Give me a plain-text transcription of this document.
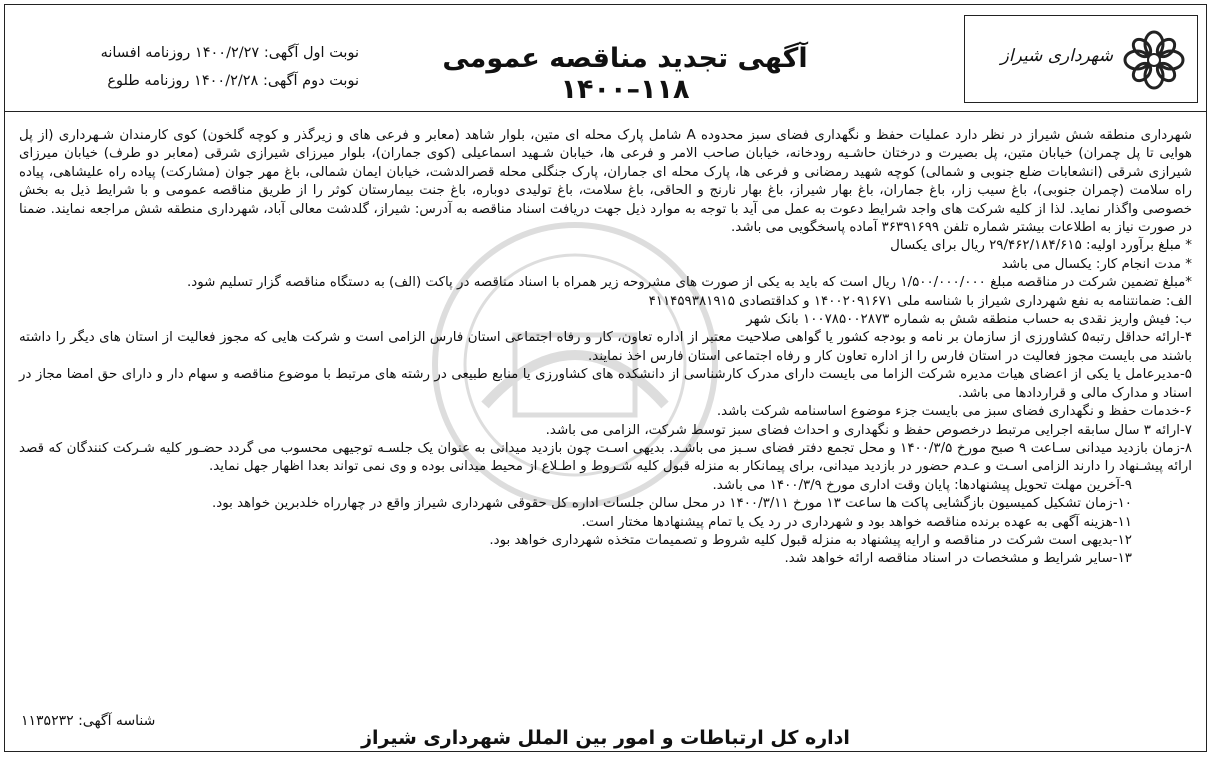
شهرداری شیراز
آگهی تجدید مناقصه عمومی ۱۱۸–۱۴۰۰
نوبت اول آگهی: ۱۴۰۰/۲/۲۷ روزنامه افسانه
نوبت دوم آگهی: ۱۴۰۰/۲/۲۸ روزنامه طلوع

شهرداری منطقه شش شیراز در نظر دارد عملیات حفظ و نگهداری فضای سبز محدوده A شامل پارک محله ای متین، بلوار شاهد (معابر و فرعی های و زیرگذر و کوچه گلخون) کوی کارمندان شـهرداری (از پل هوایی تا پل چمران) خیابان متین، پل بصیرت و درختان حاشـیه رودخانه، خیابان صاحب الامر و فرعی ها، خیابان شـهید اسماعیلی (کوی جماران)، بلوار میرزای شیرازی شرقی (معابر دو طرف) خیابان میرزای شیرازی شرقی (انشعابات ضلع جنوبی و شمالی) کوچه شهید رمضانی و فرعی ها، پارک محله ای جماران، پارک جنگلی محله قصرالدشت، خیابان ایمان شمالی، باغ مهر جوان (مشارکت) پیاده راه علیشاهی، پیاده راه سلامت (چمران جنوبی)، باغ سیب زار، باغ جماران، باغ بهار شیراز، باغ بهار نارنج و الحاقی، باغ سلامت، باغ تولیدی دوباره، باغ جنت بیمارستان کوثر را از طریق مناقصه عمومی و با شرایط ذیل به بخش خصوصی واگذار نماید. لذا از کلیه شرکت های واجد شرایط دعوت به عمل می آید با توجه به موارد ذیل جهت دریافت اسناد مناقصه به آدرس: شیراز، گلدشت معالی آباد، شهرداری منطقه شش مراجعه نمایند. ضمنا در صورت نیاز به اطلاعات بیشتر شماره تلفن ۳۶۳۹۱۶۹۹ آماده پاسخگویی می باشد.

* مبلغ برآورد اولیه: ۲۹/۴۶۲/۱۸۴/۶۱۵ ریال برای یکسال
* مدت انجام کار: یکسال می باشد
*مبلغ تضمین شرکت در مناقصه مبلغ ۱/۵۰۰/۰۰۰/۰۰۰ ریال است که باید به یکی از صورت های مشروحه زیر همراه با اسناد مناقصه در پاکت (الف) به دستگاه مناقصه گزار تسلیم شود.
الف: ضمانتنامه به نفع شهرداری شیراز با شناسه ملی ۱۴۰۰۲۰۹۱۶۷۱ و کداقتصادی ۴۱۱۴۵۹۳۸۱۹۱۵
ب: فیش واریز نقدی به حساب منطقه شش به شماره ۱۰۰۷۸۵۰۰۲۸۷۳ بانک شهر
۴-ارائه حداقل رتبه۵ کشاورزی از سازمان بر نامه و بودجه کشور یا گواهی صلاحیت معتبر از اداره تعاون، کار و رفاه اجتماعی استان فارس الزامی است و شرکت هایی که مجوز فعالیت از استان های دیگر را داشته باشند می بایست مجوز فعالیت در استان فارس را از اداره تعاون کار و رفاه اجتماعی استان فارس اخذ نمایند.
۵-مدیرعامل یا یکی از اعضای هیات مدیره شرکت الزاما می بایست دارای مدرک کارشناسی از دانشکده های کشاورزی یا منابع طبیعی در رشته های مرتبط با موضوع مناقصه و سهام دار و دارای حق امضا مجاز در اسناد و مدارک مالی و قراردادها می باشد.
۶-خدمات حفظ و نگهداری فضای سبز می بایست جزء موضوع اساسنامه شرکت باشد.
۷-ارائه ۳ سال سابقه اجرایی مرتبط درخصوص حفظ و نگهداری و احداث فضای سبز توسط شرکت، الزامی می باشد.
۸-زمان بازدید میدانی سـاعت ۹ صبح مورخ ۱۴۰۰/۳/۵ و محل تجمع دفتر فضای سـبز می باشـد. بدیهی اسـت چون بازدید میدانی به عنوان یک جلسـه توجیهی محسوب می گردد حضـور کلیه شـرکت کنندگان که قصد ارائه پیشـنهاد را دارند الزامی اسـت و عـدم حضور در بازدید میدانی، برای پیمانکار به منزله قبول کلیه شـروط و اطـلاع از محیط میدانی بوده و وی نمی تواند بعدا اظهار جهل نماید.
۹-آخرین مهلت تحویل پیشنهادها: پایان وقت اداری مورخ ۱۴۰۰/۳/۹ می باشد.
۱۰-زمان تشکیل کمیسیون بازگشایی پاکت ها ساعت ۱۳ مورخ ۱۴۰۰/۳/۱۱ در محل سالن جلسات اداره کل حقوقی شهرداری شیراز واقع در چهارراه خلدبرین خواهد بود.
۱۱-هزینه آگهی به عهده برنده مناقصه خواهد بود و شهرداری در رد یک یا تمام پیشنهادها مختار است.
۱۲-بدیهی است شرکت در مناقصه و ارایه پیشنهاد به منزله قبول کلیه شروط و تصمیمات متخذه شهرداری خواهد بود.
۱۳-سایر شرایط و مشخصات در اسناد مناقصه ارائه خواهد شد.
شناسه آگهی: ۱۱۳۵۲۳۲
اداره کل ارتباطات و امور بین الملل شهرداری شیراز
